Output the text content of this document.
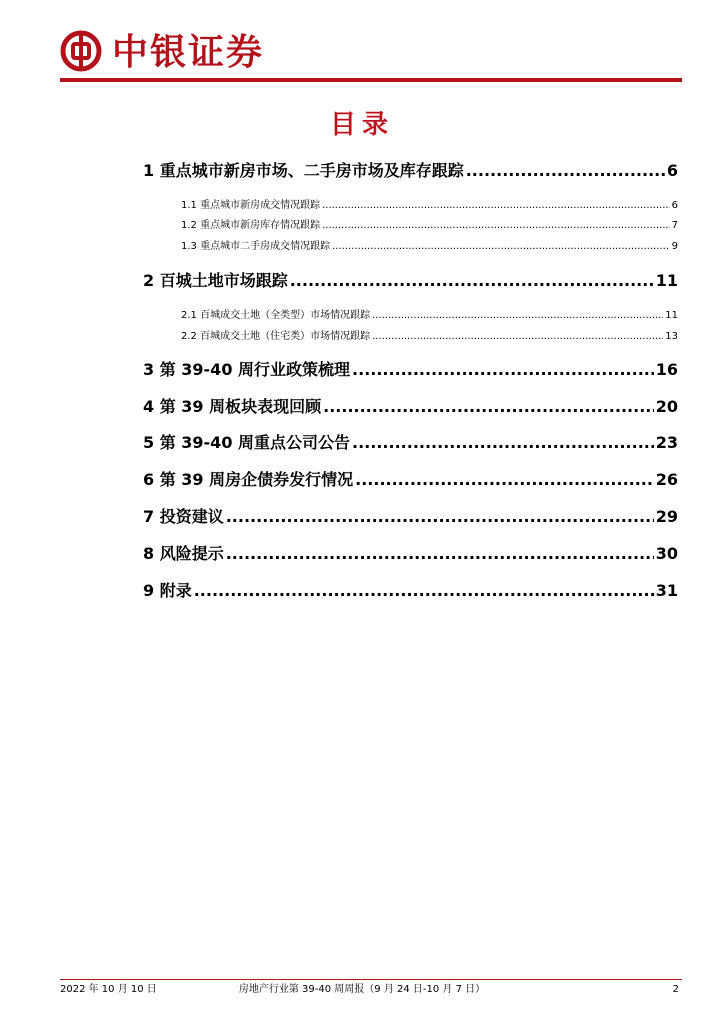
中银证券
目录
1 重点城市新房市场、二手房市场及库存跟踪 .....	6
1.1 重点城市新房成交情况跟踪 .....	6
1.2 重点城市新房库存情况跟踪 .....	7
1.3 重点城市二手房成交情况跟踪 .....	9
2 百城土地市场跟踪 .....	11
2.1 百城成交土地（全类型）市场情况跟踪 .....	11
2.2 百城成交土地（住宅类）市场情况跟踪 .....	13
3 第 39-40 周行业政策梳理 .....	16
4 第 39 周板块表现回顾 .....	20
5 第 39-40 周重点公司公告 .....	23
6 第 39 周房企债券发行情况 .....	26
7 投资建议 .....	29
8 风险提示 .....	30
9 附录 .....	31
2022 年 10 月 10 日	房地产行业第 39-40 周周报（9 月 24 日-10 月 7 日）	2
